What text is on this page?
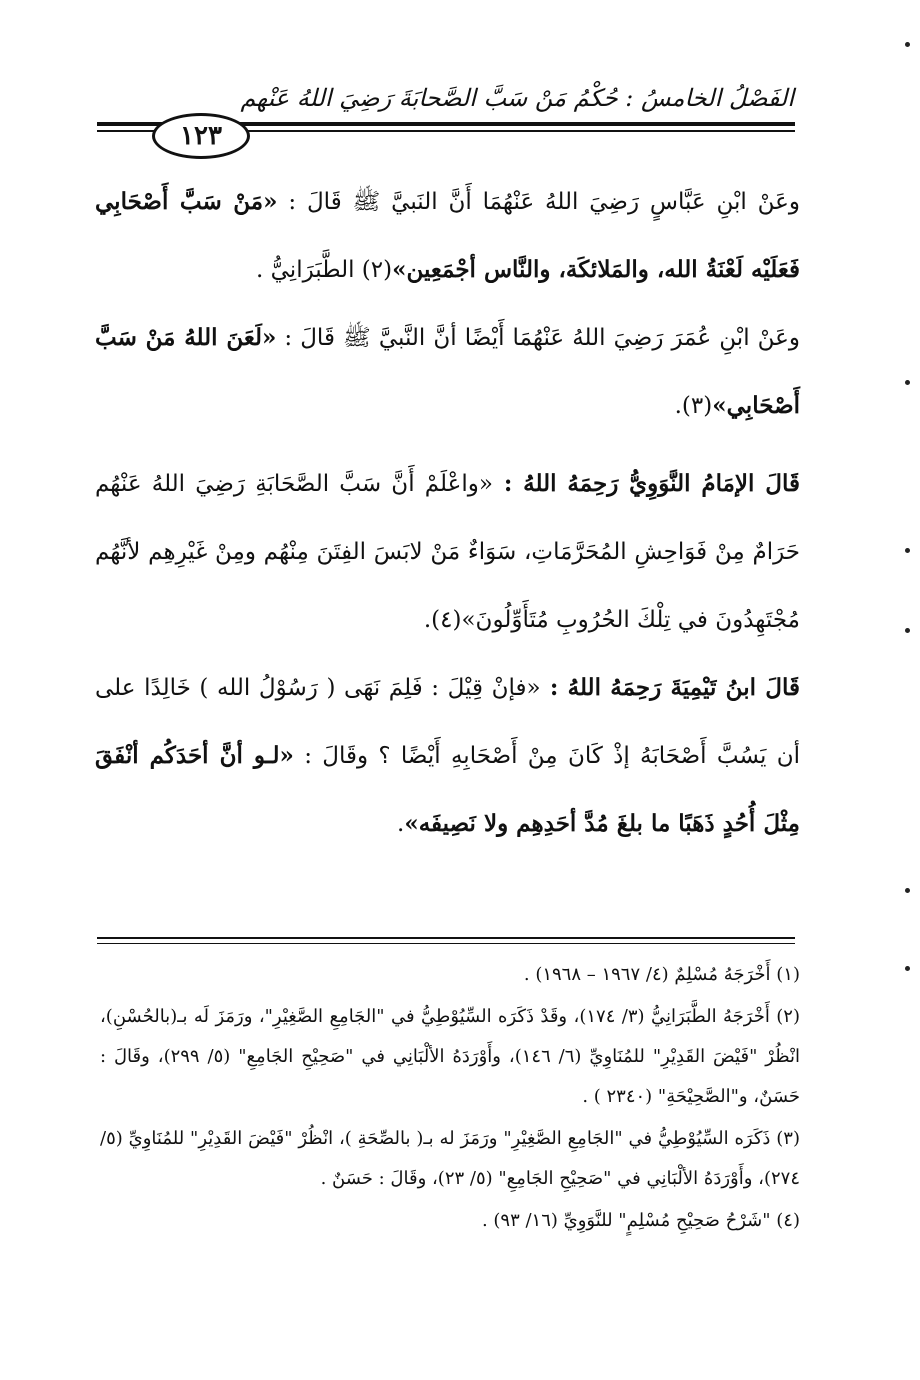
الفَصْلُ الخامسُ : حُكْمُ مَنْ سَبَّ الصَّحابَةَ رَضِيَ اللهُ عَنْهم
١٢٣

وعَنْ ابْنِ عَبَّاسٍ رَضِيَ اللهُ عَنْهُمَا أَنَّ النَبيَّ ﷺ قَالَ : «مَنْ سَبَّ أَصْحَابِي فَعَلَيْه لَعْنَةُ الله، والمَلائكَة، والنَّاس أجْمَعِين»(٢) الطَّبَرَانِيُّ .

وعَنْ ابْنِ عُمَرَ رَضِيَ اللهُ عَنْهُمَا أَيْضًا أنَّ النَّبيَّ ﷺ قَالَ : «لَعَنَ اللهُ مَنْ سَبَّ أَصْحَابِي»(٣).

قَالَ الإمَامُ النَّوَوِيُّ رَحِمَهُ اللهُ : «واعْلَمْ أَنَّ سَبَّ الصَّحَابَةِ رَضِيَ اللهُ عَنْهُم حَرَامٌ مِنْ فَوَاحِشِ المُحَرَّمَاتِ، سَوَاءٌ مَنْ لابَسَ الفِتَنَ مِنْهُم ومِنْ غَيْرِهِم لأنَّهُم مُجْتَهِدُونَ في تِلْكَ الحُرُوبِ مُتَأَوِّلُونَ»(٤).

قَالَ ابنُ تَيْمِيَةَ رَحِمَهُ اللهُ : «فإنْ قِيْلَ : فَلِمَ نَهَى ( رَسُوْلُ الله ) خَالِدًا على أن يَسُبَّ أَصْحَابَهُ إذْ كَانَ مِنْ أَصْحَابِهِ أَيْضًا ؟ وقَالَ : «لـو أنَّ أحَدَكُم أنْفَقَ مِثْلَ أُحُدٍ ذَهَبًا ما بلغَ مُدَّ أحَدِهِم ولا نَصِيفَه».

(١) أَخْرَجَهُ مُسْلِمٌ (٤/ ١٩٦٧ – ١٩٦٨) .

(٢) أَخْرَجَهُ الطَّبَرَانِيُّ (٣/ ١٧٤)، وقَدْ ذَكَرَه السِّيُوْطِيُّ في "الجَامِعِ الصَّغِيْرِ"، ورَمَزَ لَه بـ(بالحُسْنِ)، انْظُرْ "فَيْضَ القَدِيْرِ" للمُنَاوِيِّ (٦/ ١٤٦)، وأَوْرَدَهُ الألْبَانِي في "صَحِيْحِ الجَامِعِ" (٥/ ٢٩٩)، وقَالَ : حَسَنٌ، و"الصَّحِيْحَةِ" (٢٣٤٠ ) .

(٣) ذَكَرَه السِّيُوْطِيُّ في "الجَامِعِ الصَّغِيْرِ" ورَمَزَ له بـ( بالصِّحَةِ )، انْظُرْ "فَيْضَ القَدِيْرِ" للمُنَاوِيِّ (٥/ ٢٧٤)، وأَوْرَدَهُ الألْبَانِي في "صَحِيْحِ الجَامِعِ" (٥/ ٢٣)، وقَالَ : حَسَنٌ .

(٤) "شَرْحُ صَحِيْحِ مُسْلِمٍ" للنَّوَوِيِّ (١٦/ ٩٣) .
